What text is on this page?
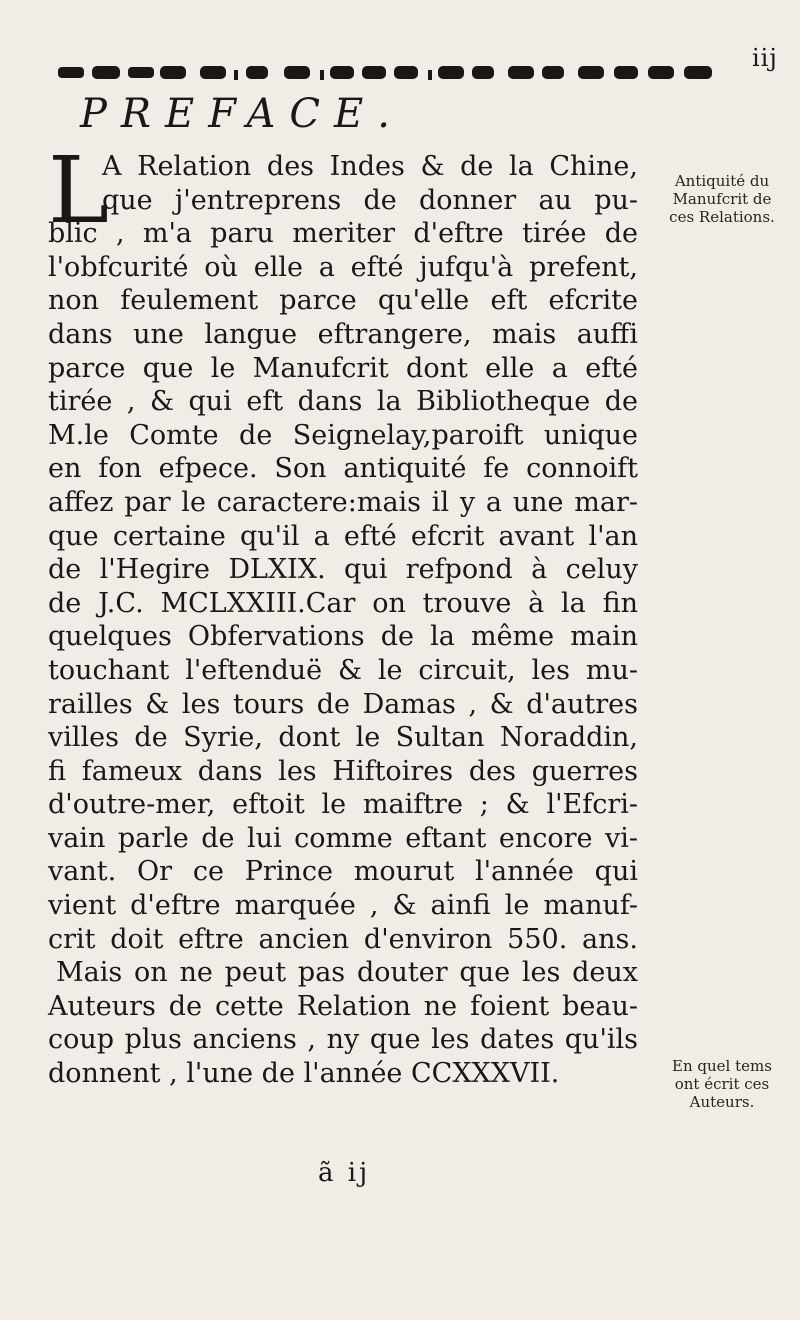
iij
PREFACE.
L
A Relation des Indes & de la Chine,
que j'entreprens de donner au pu-
blic , m'a paru meriter d'eftre tirée de
l'obfcurité où elle a efté jufqu'à prefent,
non feulement parce qu'elle eft efcrite
dans une langue eftrangere, mais auffi
parce que le Manufcrit dont elle a efté
tirée , & qui eft dans la Bibliotheque de
M.le Comte de Seignelay,paroift unique
en fon efpece. Son antiquité fe connoift
affez par le caractere:mais il y a une mar-
que certaine qu'il a efté efcrit avant l'an
de l'Hegire DLXIX. qui refpond à celuy
de J.C. MCLXXIII.Car on trouve à la fin
quelques Obfervations de la même main
touchant l'eftenduë & le circuit, les mu-
railles & les tours de Damas , & d'autres
villes de Syrie, dont le Sultan Noraddin,
fi fameux dans les Hiftoires des guerres
d'outre-mer, eftoit le maiftre ; & l'Efcri-
vain parle de lui comme eftant encore vi-
vant. Or ce Prince mourut l'année qui
vient d'eftre marquée , & ainfi le manuf-
crit doit eftre ancien d'environ 550. ans.
Mais on ne peut pas douter que les deux
Auteurs de cette Relation ne foient beau-
coup plus anciens , ny que les dates qu'ils
donnent , l'une de l'année CCXXXVII.
Antiquité du
Manufcrit de
ces Relations.
En quel tems
ont écrit ces
Auteurs.
ã ij
